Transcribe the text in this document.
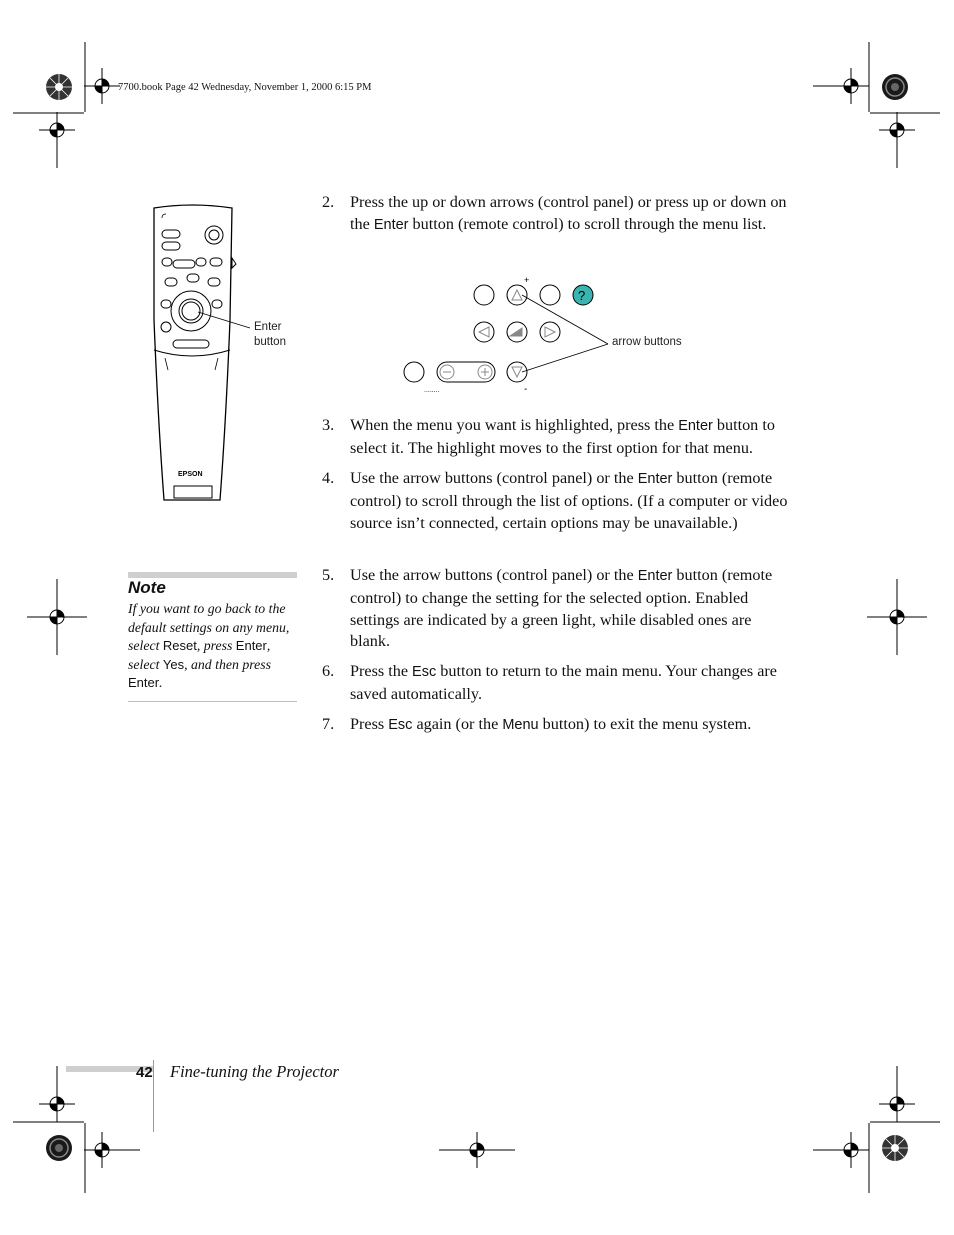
7700.book Page 42 Wednesday, November 1, 2000 6:15 PM
EPSON
Enter
button
+
?
........	-
arrow buttons
2. Press the up or down arrows (control panel) or press up or down on the Enter button (remote control) to scroll through the menu list.
3. When the menu you want is highlighted, press the Enter button to select it. The highlight moves to the first option for that menu.
4. Use the arrow buttons (control panel) or the Enter button (remote control) to scroll through the list of options. (If a computer or video source isn’t connected, certain options may be unavailable.)
5. Use the arrow buttons (control panel) or the Enter button (remote control) to change the setting for the selected option. Enabled settings are indicated by a green light, while disabled ones are blank.
6. Press the Esc button to return to the main menu. Your changes are saved automatically.
7. Press Esc again (or the Menu button) to exit the menu system.
Note
If you want to go back to the default settings on any menu, select Reset, press Enter, select Yes, and then press Enter.
42 Fine-tuning the Projector
